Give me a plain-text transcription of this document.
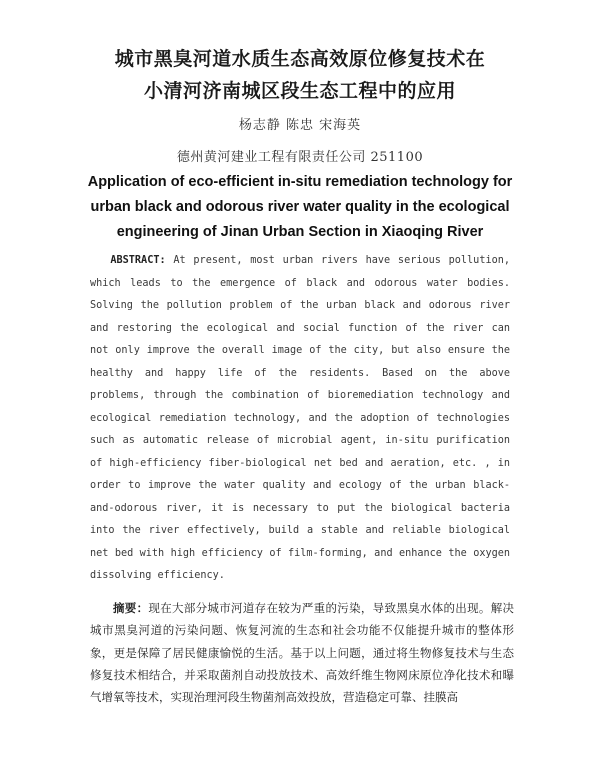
城市黑臭河道水质生态高效原位修复技术在
小清河济南城区段生态工程中的应用
杨志静 陈忠 宋海英
德州黄河建业工程有限责任公司 251100
Application of eco-efficient in-situ remediation technology for
urban black and odorous river water quality in the ecological
engineering of Jinan Urban Section in Xiaoqing River
ABSTRACT: At present, most urban rivers have serious pollution, which leads to the emergence of black and odorous water bodies. Solving the pollution problem of the urban black and odorous river and restoring the ecological and social function of the river can not only improve the overall image of the city, but also ensure the healthy and happy life of the residents. Based on the above problems, through the combination of bioremediation technology and ecological remediation technology, and the adoption of technologies such as automatic release of microbial agent, in-situ purification of high-efficiency fiber-biological net bed and aeration, etc. , in order to improve the water quality and ecology of the urban black-and-odorous river, it is necessary to put the biological bacteria into the river effectively, build a stable and reliable biological net bed with high efficiency of film-forming, and enhance the oxygen dissolving efficiency.
摘要：现在大部分城市河道存在较为严重的污染，导致黑臭水体的出现。解决城市黑臭河道的污染问题、恢复河流的生态和社会功能不仅能提升城市的整体形象，更是保障了居民健康愉悦的生活。基于以上问题，通过将生物修复技术与生态修复技术相结合，并采取菌剂自动投放技术、高效纤维生物网床原位净化技术和曝气增氧等技术，实现治理河段生物菌剂高效投放，营造稳定可靠、挂膜高
